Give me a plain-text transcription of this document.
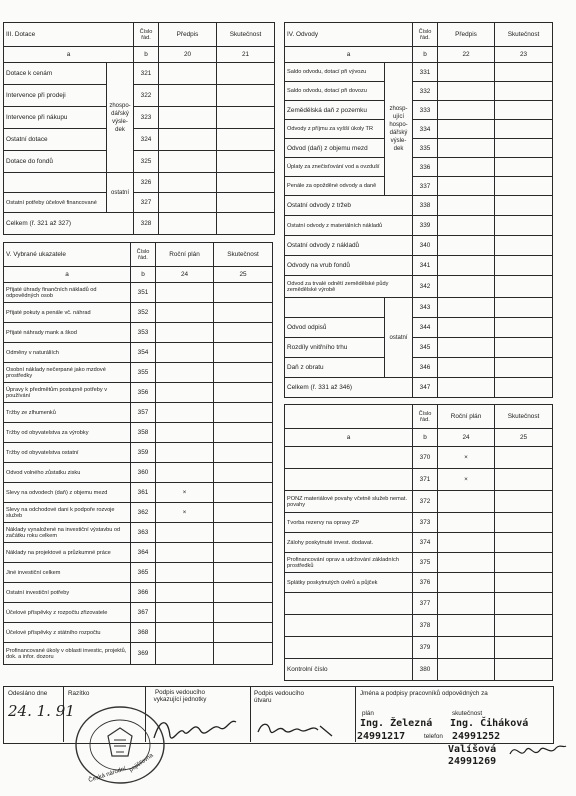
III. Dotace		Číslo řád.	Předpis	Skutečnost
a		b	20	21
Dotace k cenám	zhospo- dářský výsle- dek	321		
Intervence při prodeji		322		
Intervence při nákupu		323		
Ostatní dotace		324		
Dotace do fondů		325		
	ostatní	326		
Ostatní potřeby účelově financované		327		
Celkem (ř. 321 až 327)		328		
IV. Odvody		Číslo řád.	Předpis	Skutečnost
a		b	22	23
Saldo odvodu, dotací při vývozu	zhosp- ující hospo- dářský výsle- dek	331		
Saldo odvodu, dotací při dovozu		332		
Zemědělská daň z pozemku		333		
Odvody z příjmu za vyšší úkoly TR		334		
Odvod (daň) z objemu mezd		335		
Úplaty za znečisťování vod a ovzduší		336		
Penále za opožděné odvody a daně		337		
Ostatní odvody z tržeb		338		
Ostatní odvody z materiálních nákladů		339		
Ostatní odvody z nákladů		340		
Odvody na vrub fondů		341		
Odvod za trvalé odnětí zemědělské půdy zemědělské výrobě		342		
	ostatní	343		
Odvod odpisů		344		
Rozdíly vnitřního trhu		345		
Daň z obratu		346		
Celkem (ř. 331 až 346)		347		
V. Vybrané ukazatele	Číslo řád.	Roční plán	Skutečnost
a	b	24	25
Přijaté úhrady finančních nákladů od odpovědných osob	351		
Přijaté pokuty a penále vč. náhrad	352		
Přijaté náhrady mank a škod	353		
Odměny v naturáliích	354		
Osobní náklady nečerpané jako mzdové prostředky	355		
Úpravy k předmětům postupně potřeby v používání	356		
Tržby ze zlhumenků	357		
Tržby od obyvatelstva za výrobky	358		
Tržby od obyvatelstva ostatní	359		
Odvod volného zůstatku zisku	360		
Slevy na odvodech (daň) z objemu mezd	361	×	
Slevy na odchodové dani k podpoře rozvoje služeb	362	×	
Náklady vynaložené na investiční výstavbu od začátku roku celkem	363		
Náklady na projektové a průzkumné práce	364		
Jiné investiční celkem	365		
Ostatní investiční potřeby	366		
Účelové příspěvky z rozpočtu zřizovatele	367		
Účelové příspěvky z státního rozpočtu	368		
Profinancované úkoly v oblasti investic, projektů, dok. a infor. dozoru	369		
	Číslo řád.	Roční plán	Skutečnost
a	b	24	25
	370	×	
	371	×	
PONZ materiálové povahy včetně služeb nemat. povahy	372		
Tvorba rezervy na opravy ZP	373		
Zálohy poskytnuté invest. dodavat.	374		
Profinancování oprav a udržování základních prostředků	375		
Splátky poskytnutých úvěrů a půjček	376		
	377		
	378		
	379		
Kontrolní číslo	380		
Odesláno dne	Razítko	Podpis vedoucího vykazující jednotky
Podpis vedoucího útvaru
Jména a podpisy pracovníků odpovědných za
24. 1. 91
Česká národní
pojišťovna
plán	skutečnost
Ing. Železná Ing. Čiháková
24991217	telefon 24991252
Valíšová
24991269
